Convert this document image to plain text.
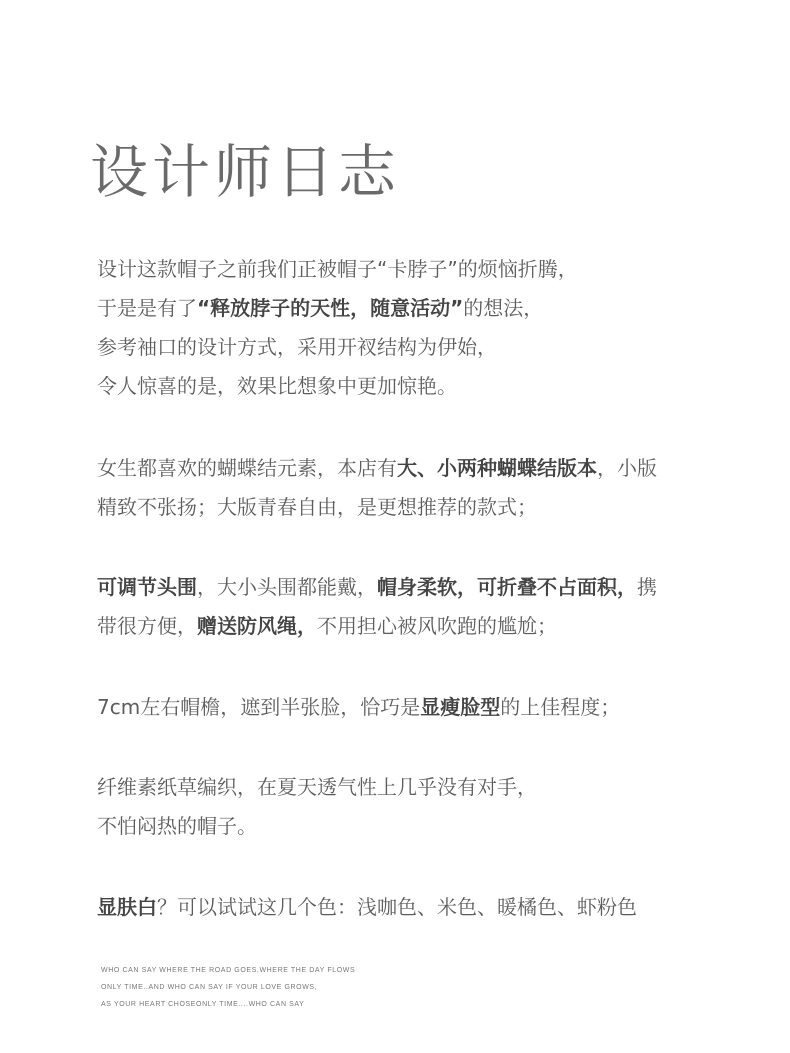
设计师日志
设计这款帽子之前我们正被帽子“卡脖子”的烦恼折腾，
于是是有了“释放脖子的天性，随意活动”的想法，
参考袖口的设计方式，采用开衩结构为伊始，
令人惊喜的是，效果比想象中更加惊艳。
女生都喜欢的蝴蝶结元素，本店有大、小两种蝴蝶结版本，小版
精致不张扬；大版青春自由，是更想推荐的款式；
可调节头围，大小头围都能戴，帽身柔软，可折叠不占面积，携
带很方便，赠送防风绳，不用担心被风吹跑的尴尬；
7cm左右帽檐，遮到半张脸，恰巧是显瘦脸型的上佳程度；
纤维素纸草编织，在夏天透气性上几乎没有对手，
不怕闷热的帽子。
显肤白？可以试试这几个色：浅咖色、米色、暖橘色、虾粉色
WHO CAN SAY WHERE THE ROAD GOES,WHERE THE DAY FLOWS
ONLY TIME..AND WHO CAN SAY IF YOUR LOVE GROWS,
AS YOUR HEART CHOSEONLY TIME....WHO CAN SAY
